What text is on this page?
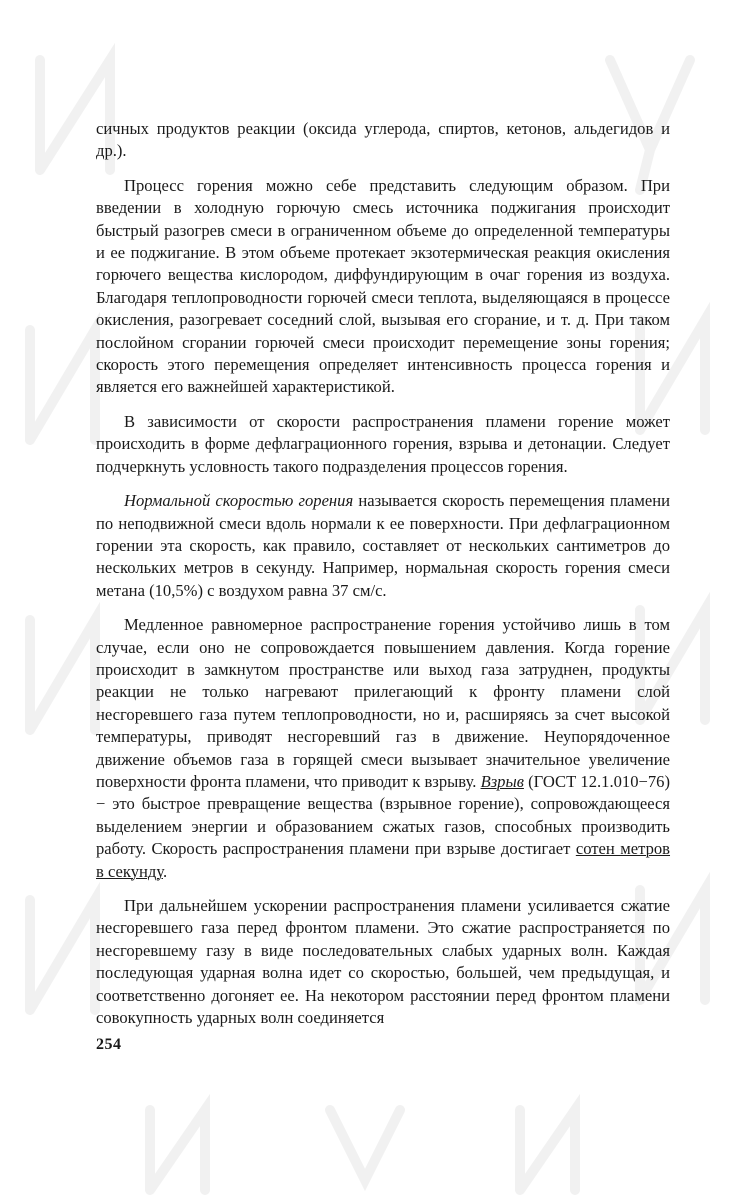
сичных продуктов реакции (оксида углерода, спиртов, кетонов, альдегидов и др.).

Процесс горения можно себе представить следующим образом. При введении в холодную горючую смесь источника поджигания происходит быстрый разогрев смеси в ограниченном объеме до определенной температуры и ее поджигание. В этом объеме протекает экзотермическая реакция окисления горючего вещества кислородом, диффундирующим в очаг горения из воздуха. Благодаря теплопроводности горючей смеси теплота, выделяющаяся в процессе окисления, разогревает соседний слой, вызывая его сгорание, и т. д. При таком послойном сгорании горючей смеси происходит перемещение зоны горения; скорость этого перемещения определяет интенсивность процесса горения и является его важнейшей характеристикой.

В зависимости от скорости распространения пламени горение может происходить в форме дефлаграционного горения, взрыва и детонации. Следует подчеркнуть условность такого подразделения процессов горения.

Нормальной скоростью горения называется скорость перемещения пламени по неподвижной смеси вдоль нормали к ее поверхности. При дефлаграционном горении эта скорость, как правило, составляет от нескольких сантиметров до нескольких метров в секунду. Например, нормальная скорость горения смеси метана (10,5%) с воздухом равна 37 см/с.

Медленное равномерное распространение горения устойчиво лишь в том случае, если оно не сопровождается повышением давления. Когда горение происходит в замкнутом пространстве или выход газа затруднен, продукты реакции не только нагревают прилегающий к фронту пламени слой несгоревшего газа путем теплопроводности, но и, расширяясь за счет высокой температуры, приводят несгоревший газ в движение. Неупорядоченное движение объемов газа в горящей смеси вызывает значительное увеличение поверхности фронта пламени, что приводит к взрыву. Взрыв (ГОСТ 12.1.010−76) − это быстрое превращение вещества (взрывное горение), сопровождающееся выделением энергии и образованием сжатых газов, способных производить работу. Скорость распространения пламени при взрыве достигает сотен метров в секунду.

При дальнейшем ускорении распространения пламени усиливается сжатие несгоревшего газа перед фронтом пламени. Это сжатие распространяется по несгоревшему газу в виде последовательных слабых ударных волн. Каждая последующая ударная волна идет со скоростью, большей, чем предыдущая, и соответственно догоняет ее. На некотором расстоянии перед фронтом пламени совокупность ударных волн соединяется

254
